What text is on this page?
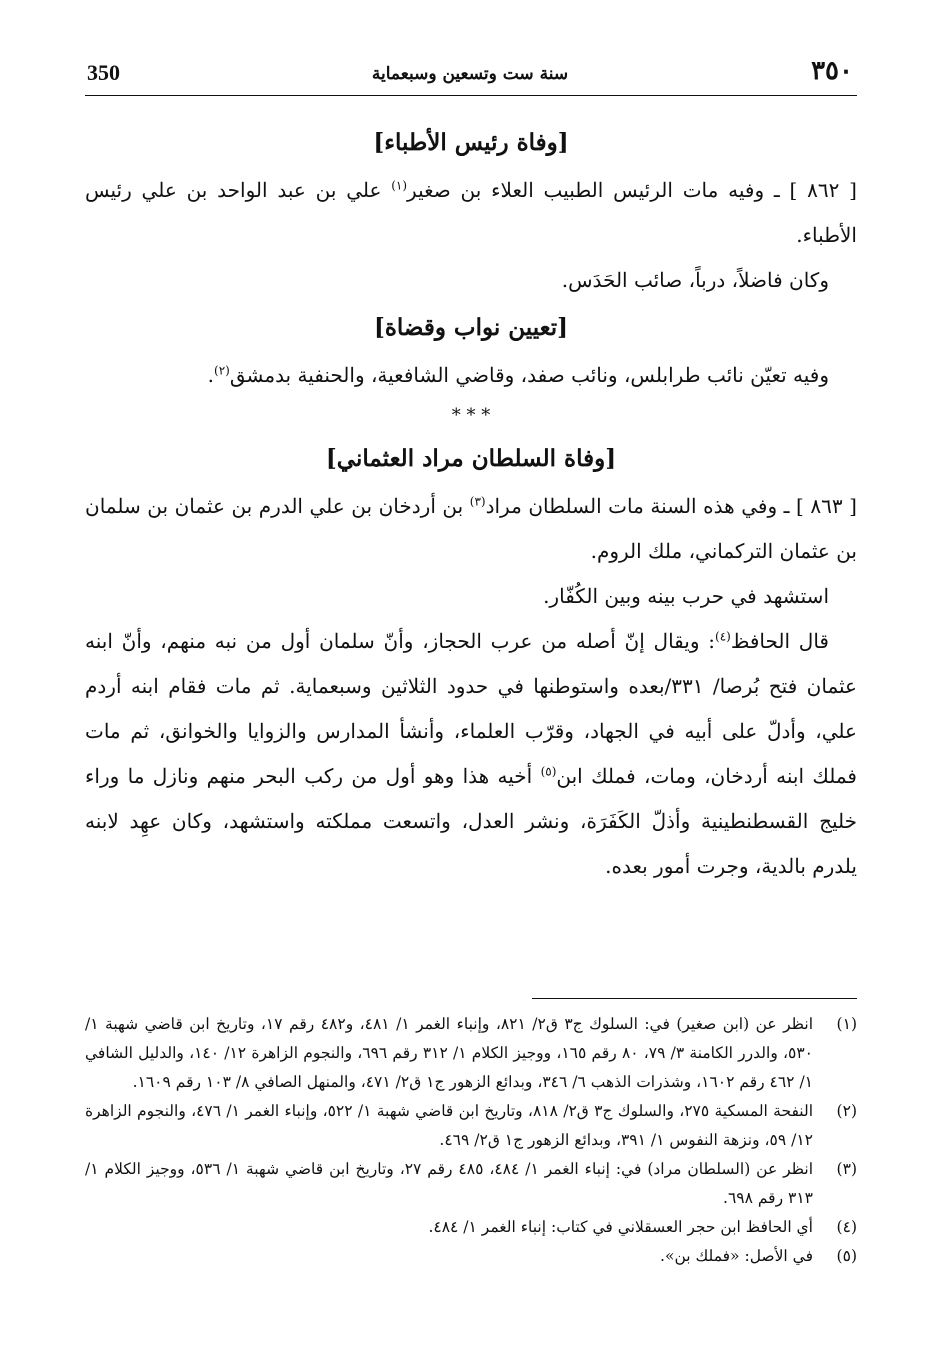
350	سنة ست وتسعين وسبعماية	٣٥٠

[وفاة رئيس الأطباء]

[ ٨٦٢ ] ـ وفيه مات الرئيس الطبيب العلاء بن صغير$^{(١)}$ علي بن عبد الواحد بن علي رئيس الأطباء.

وكان فاضلاً، درباً، صائب الحَدَس.

[تعيين نواب وقضاة]

وفيه تعيّن نائب طرابلس، ونائب صفد، وقاضي الشافعية، والحنفية بدمشق$^{(٢)}$.

* * *

[وفاة السلطان مراد العثماني]

[ ٨٦٣ ] ـ وفي هذه السنة مات السلطان مراد$^{(٣)}$ بن أردخان بن علي الدرم بن عثمان بن سلمان بن عثمان التركماني، ملك الروم.

استشهد في حرب بينه وبين الكُفّار.

قال الحافظ$^{(٤)}$: ويقال إنّ أصله من عرب الحجاز، وأنّ سلمان أول من نبه منهم، وأنّ ابنه عثمان فتح بُرصا/ ٣٣١/بعده واستوطنها في حدود الثلاثين وسبعماية. ثم مات فقام ابنه أردم علي، وأدلّ على أبيه في الجهاد، وقرّب العلماء، وأنشأ المدارس والزوايا والخوانق، ثم مات فملك ابنه أردخان، ومات، فملك ابن$^{(٥)}$ أخيه هذا وهو أول من ركب البحر منهم ونازل ما وراء خليج القسطنطينية وأذلّ الكَفَرَة، ونشر العدل، واتسعت مملكته واستشهد، وكان عهِد لابنه يلدرم بالدية، وجرت أمور بعده.

(١)
انظر عن (ابن صغير) في: السلوك ج٣ ق٢/ ٨٢١، وإنباء الغمر ١/ ٤٨١، و٤٨٢ رقم ١٧، وتاريخ ابن قاضي شهبة ١/ ٥٣٠، والدرر الكامنة ٣/ ٧٩، ٨٠ رقم ١٦٥، ووجيز الكلام ١/ ٣١٢ رقم ٦٩٦، والنجوم الزاهرة ١٢/ ١٤٠، والدليل الشافي ١/ ٤٦٢ رقم ١٦٠٢، وشذرات الذهب ٦/ ٣٤٦، وبدائع الزهور ج١ ق٢/ ٤٧١، والمنهل الصافي ٨/ ١٠٣ رقم ١٦٠٩.
(٢)
النفحة المسكية ٢٧٥، والسلوك ج٣ ق٢/ ٨١٨، وتاريخ ابن قاضي شهبة ١/ ٥٢٢، وإنباء الغمر ١/ ٤٧٦، والنجوم الزاهرة ١٢/ ٥٩، ونزهة النفوس ١/ ٣٩١، وبدائع الزهور ج١ ق٢/ ٤٦٩.
(٣)
انظر عن (السلطان مراد) في: إنباء الغمر ١/ ٤٨٤، ٤٨٥ رقم ٢٧، وتاريخ ابن قاضي شهبة ١/ ٥٣٦، ووجيز الكلام ١/ ٣١٣ رقم ٦٩٨.
(٤)
أي الحافظ ابن حجر العسقلاني في كتاب: إنباء الغمر ١/ ٤٨٤.
(٥)
في الأصل: «فملك بن».
